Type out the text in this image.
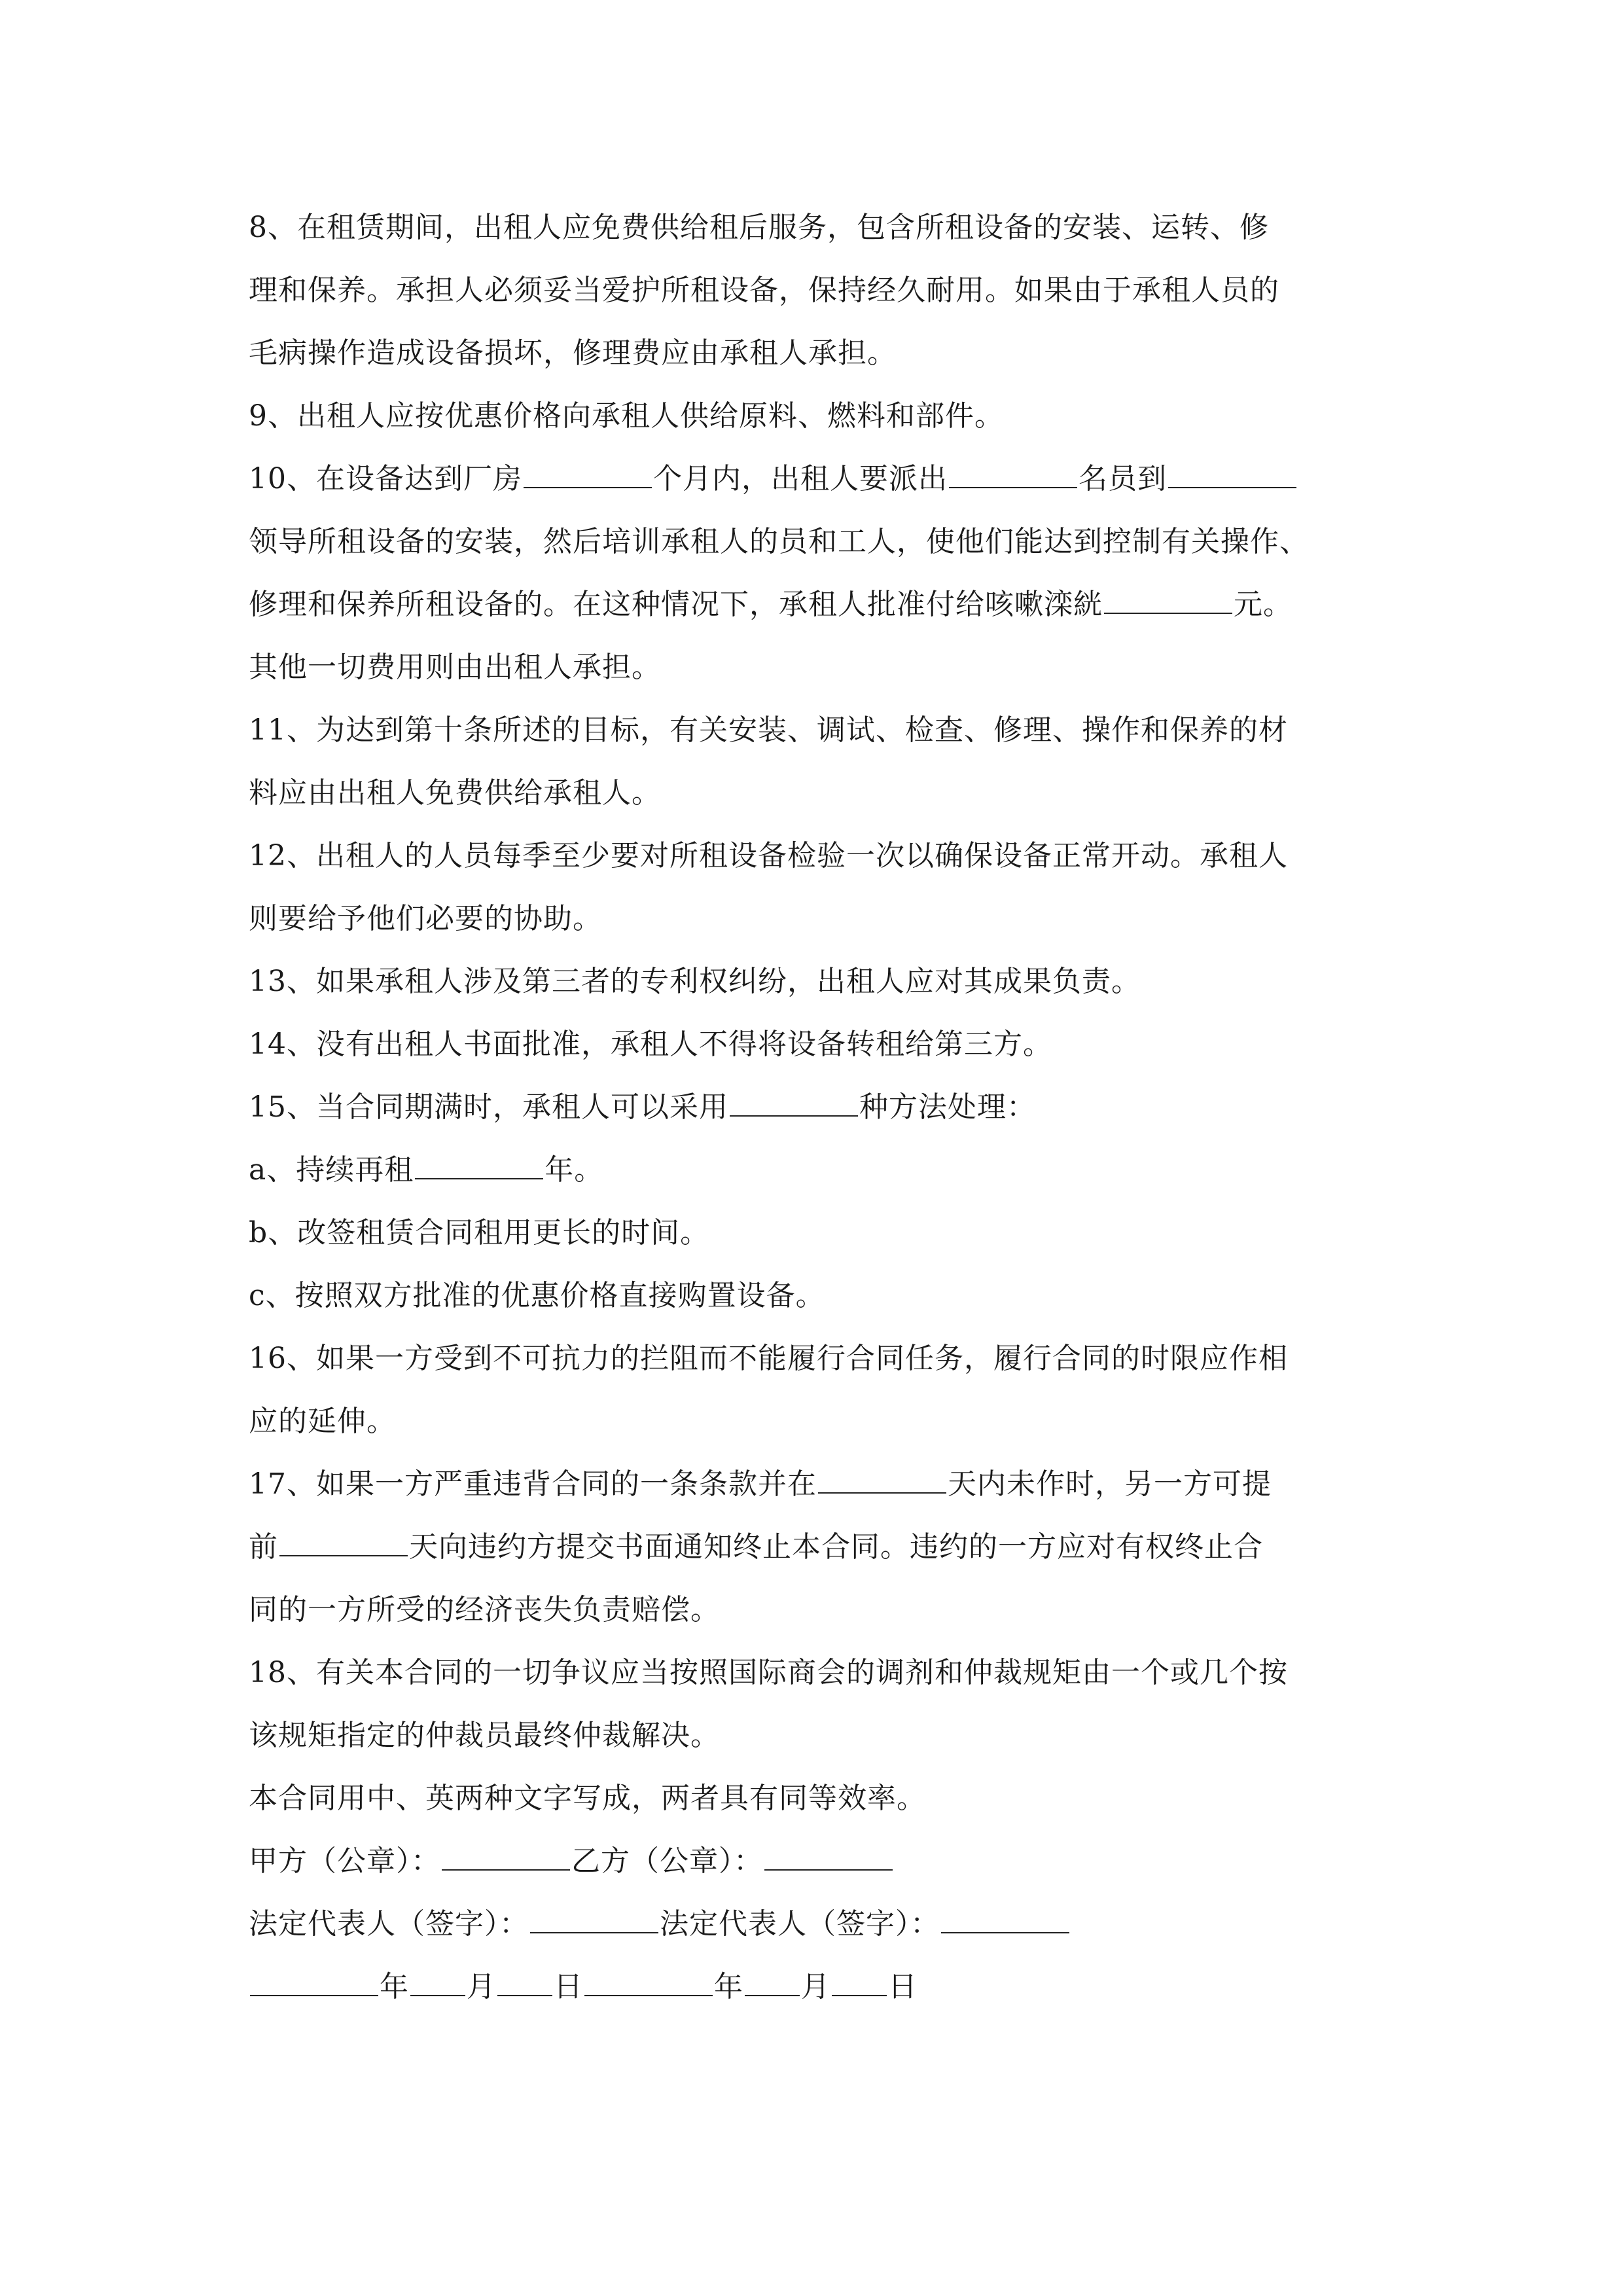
8、在租赁期间，出租人应免费供给租后服务，包含所租设备的安装、运转、修
理和保养。承担人必须妥当爱护所租设备，保持经久耐用。如果由于承租人员的
毛病操作造成设备损坏，修理费应由承租人承担。
9、出租人应按优惠价格向承租人供给原料、燃料和部件。
10、在设备达到厂房	个月内，出租人要派出	名员到
领导所租设备的安装，然后培训承租人的员和工人，使他们能达到控制有关操作、
修理和保养所租设备的。在这种情况下，承租人批准付给咳嗽滦絖	元。
其他一切费用则由出租人承担。
11、为达到第十条所述的目标，有关安装、调试、检查、修理、操作和保养的材
料应由出租人免费供给承租人。
12、出租人的人员每季至少要对所租设备检验一次以确保设备正常开动。承租人
则要给予他们必要的协助。
13、如果承租人涉及第三者的专利权纠纷，出租人应对其成果负责。
14、没有出租人书面批准，承租人不得将设备转租给第三方。
15、当合同期满时，承租人可以采用	种方法处理：
a、持续再租	年。
b、改签租赁合同租用更长的时间。
c、按照双方批准的优惠价格直接购置设备。
16、如果一方受到不可抗力的拦阻而不能履行合同任务，履行合同的时限应作相
应的延伸。
17、如果一方严重违背合同的一条条款并在	天内未作时，另一方可提
前	天向违约方提交书面通知终止本合同。违约的一方应对有权终止合
同的一方所受的经济丧失负责赔偿。
18、有关本合同的一切争议应当按照国际商会的调剂和仲裁规矩由一个或几个按
该规矩指定的仲裁员最终仲裁解决。
本合同用中、英两种文字写成，两者具有同等效率。
甲方（公章）：	乙方（公章）：
法定代表人（签字）：	法定代表人（签字）：
年 月 日	年 月 日
